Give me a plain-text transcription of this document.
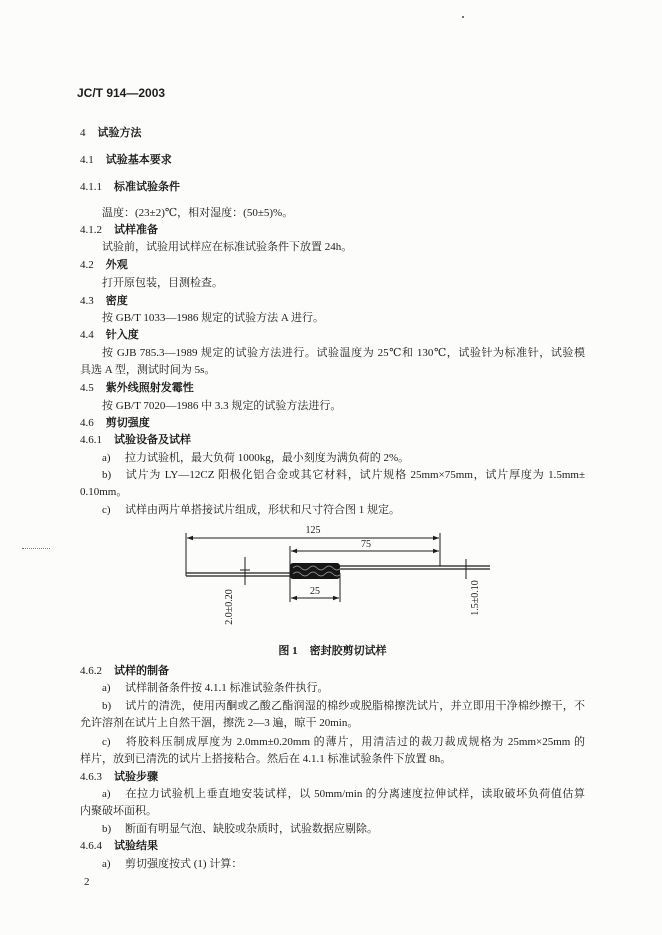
JC/T 914—2003
4 试验方法
4.1 试验基本要求
4.1.1 标准试验条件
温度：(23±2)℃，相对湿度：(50±5)%。
4.1.2 试样准备
试验前，试验用试样应在标准试验条件下放置 24h。
4.2 外观
打开原包装，目测检查。
4.3 密度
按 GB/T 1033—1986 规定的试验方法 A 进行。
4.4 针入度
按 GJB 785.3—1989 规定的试验方法进行。试验温度为 25℃和 130℃，试验针为标准针，试验模
具选 A 型，测试时间为 5s。
4.5 紫外线照射发霉性
按 GB/T 7020—1986 中 3.3 规定的试验方法进行。
4.6 剪切强度
4.6.1 试验设备及试样
a) 拉力试验机，最大负荷 1000kg，最小刻度为满负荷的 2%。
b) 试片为 LY—12CZ 阳极化铝合金或其它材料，试片规格 25mm×75mm，试片厚度为 1.5mm±
0.10mm。
c) 试样由两片单搭接试片组成，形状和尺寸符合图 1 规定。
125
75
25
2.0±0.20	1.5±0.10
图 1 密封胶剪切试样
4.6.2 试样的制备
a) 试样制备条件按 4.1.1 标准试验条件执行。
b) 试片的清洗，使用丙酮或乙酸乙酯润湿的棉纱或脱脂棉擦洗试片，并立即用干净棉纱擦干，不
允许溶剂在试片上自然干涸，擦洗 2—3 遍，晾干 20min。
c) 将胶料压制成厚度为 2.0mm±0.20mm 的薄片，用清洁过的裁刀裁成规格为 25mm×25mm 的
样片，放到已清洗的试片上搭接粘合。然后在 4.1.1 标准试验条件下放置 8h。
4.6.3 试验步骤
a) 在拉力试验机上垂直地安装试样，以 50mm/min 的分离速度拉伸试样，读取破坏负荷值估算
内聚破坏面积。
b) 断面有明显气泡、缺胶或杂质时，试验数据应剔除。
4.6.4 试验结果
a) 剪切强度按式 (1) 计算：
2
